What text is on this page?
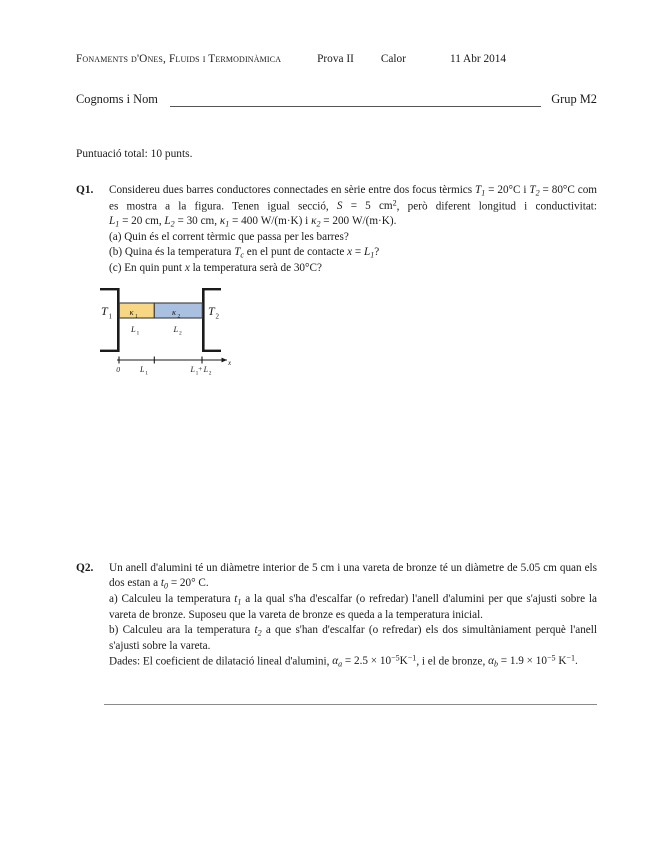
Fonaments d'Ones, Fluids i Termodinàmica	Prova II Calor	11 Abr 2014
Cognoms i Nom	Grup M2
Puntuació total: 10 punts.
Q1. Considereu dues barres conductores connectades en sèrie entre dos focus tèrmics $T_1 = 20^\circ C$ i $T_2 = 80^\circ C$ com es mostra a la figura. Tenen igual secció, S = 5 $cm^2$, però diferent longitud i conductivitat: $L_1 = 20$ cm, $L_2 = 30$ cm, $\kappa_1 = 400$ W/(m·K) i $\kappa_2 = 200$ W/(m·K).

(a) Quin és el corrent tèrmic que passa per les barres?

(b) Quina és la temperatura $T_c$ en el punt de contacte $x = L_1$?

(c) En quin punt x la temperatura serà de 30°C?

T 1	T 2
κ 1	κ 2
L 1	L 2
0 L 1	L 1
+ L 2
x
Q2. Un anell d'alumini té un diàmetre interior de 5 cm i una vareta de bronze té un diàmetre de 5.05 cm quan els dos estan a $t_0 = 20^\circ$ C.

a) Calculeu la temperatura $t_1$ a la qual s'ha d'escalfar (o refredar) l'anell d'alumini per que s'ajusti sobre la vareta de bronze. Suposeu que la vareta de bronze es queda a la temperatura inicial.

b) Calculeu ara la temperatura $t_2$ a que s'han d'escalfar (o refredar) els dos simultàniament perquè l'anell s'ajusti sobre la vareta.

Dades: El coeficient de dilatació lineal d'alumini, $\alpha_a = 2.5 \times 10^{-5}K^{-1}$, i el de bronze, $\alpha_b = 1.9 \times 10^{-5}$ $K^{-1}$.
